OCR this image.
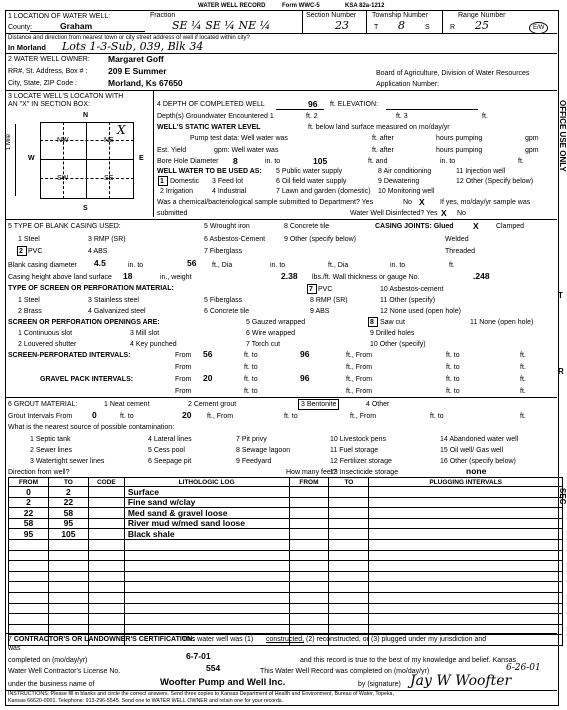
WATER WELL RECORD	Form WWC-5	KSA 82a-1212
1 LOCATION OF WATER WELL:
County:	Graham
Fraction
SE ¼ SE ¼ NE ¼
Section Number
23
Township Number
T 8	S
Range Number
R 25	E/W
Distance and direction from nearest town or city street address of well if located within city?
In Morland Lots 1-3-Sub, 039, Blk 34
2 WATER WELL OWNER: Margaret Goff
RR#, St. Address, Box # : 209 E Summer
City, State, ZIP Code :	Morland, Ks 67650
Board of Agriculture, Division of Water Resources
Application Number:
3 LOCATE WELL'S LOCATON WITH
AN "X" IN SECTION BOX:
N
S
W	E
NW	NE
SW	SE
X
1 Mile
4 DEPTH OF COMPLETED WELL	96 ft. ELEVATION:
Depth(s) Groundwater Encountered 1	ft. 2	ft. 3	ft.
WELL'S STATIC WATER LEVEL	ft. below land surface measured on mo/day/yr
Pump test data: Well water was	ft. after	hours pumping	gpm
Est. Yield	gpm: Well water was	ft. after	hours pumping	gpm
Bore Hole Diameter 8	in. to	105	ft. and	in. to	ft.
WELL WATER TO BE USED AS: 5 Public water supply	8 Air conditioning	11 Injection well
1 Domestic 3 Feed lot	6 Oil field water supply	9 Dewatering	12 Other (Specify below)
2 Irrigation	4 Industrial	7 Lawn and garden (domestic) 10 Monitoring well
Was a chemical/bacteriological sample submitted to Department? Yes	No X If yes, mo/day/yr sample was
submitted	Water Well Disinfected? Yes X No
5 TYPE OF BLANK CASING USED:	5 Wrought iron	8 Concrete tile	CASING JOINTS: Glued X Clamped
1 Steel	3 RMP (SR)	6 Asbestos-Cement	9 Other (specify below)	Welded
2 PVC	4 ABS	7 Fiberglass	Threaded
Blank casing diameter 4.5	in. to	56 ft., Dia	in. to	ft., Dia	in. to	ft.
Casing height above land surface 18	in., weight	2.38 lbs./ft. Wall thickness or gauge No.	.248
TYPE OF SCREEN OR PERFORATION MATERIAL:	7 PVC	10 Asbestos-cement
1 Steel	3 Stainless steel	5 Fiberglass	8 RMP (SR)	11 Other (specify)
2 Brass	4 Galvanized steel	6 Concrete tile	9 ABS	12 None used (open hole)
SCREEN OR PERFORATION OPENINGS ARE:	5 Gauzed wrapped	8 Saw cut	11 None (open hole)
1 Continuous slot	3 Mill slot	6 Wire wrapped	9 Drilled holes
2 Louvered shutter	4 Key punched	7 Torch cut	10 Other (specify)
SCREEN-PERFORATED INTERVALS:	From 56	ft. to	96	ft., From	ft. to	ft.
From	ft. to	ft., From	ft. to	ft.
GRAVEL PACK INTERVALS:	From 20	ft. to	96	ft., From	ft. to	ft.
From	ft. to	ft., From	ft. to	ft.
6 GROUT MATERIAL:	1 Neat cement	2 Cement grout	3 Bentonite	4 Other
Grout Intervals From 0	ft. to	20 ft., From	ft. to	ft., From	ft. to	ft.
What is the nearest source of possible contamination:
1 Septic tank	4 Lateral lines	7 Pit privy	10 Livestock pens	14 Abandoned water well
2 Sewer lines	5 Cess pool	8 Sewage lagoon	11 Fuel storage	15 Oil well/ Gas well
3 Watertight sewer lines	6 Seepage pit	9 Feedyard	12 Fertilizer storage	16 Other (specify below)
13 Insecticide storage	none
Direction from well?	How many feet?
FROM	TO	CODE	LITHOLOGIC LOG	FROM	TO	PLUGGING INTERVALS
0	2		Surface			
2	22		Fine sand w/clay			
22	58		Med sand & gravel loose			
58	95		River mud w/med sand loose			
95	105		Black shale			

7 CONTRACTOR'S OR LANDOWNER'S CERTIFICATION:
This water well was (1) constructed, (2) reconstructed, or (3) plugged under my jurisdiction and
was
completed on (mo/day/yr)	6-7-01	and this record is true to the best of my knowledge and belief. Kansas
Water Well Contractor's License No.	554	This Water Well Record was completed on (mo/day/yr)	6-26-01
under the business name of	Woofter Pump and Well Inc.	by (signature) Jay W Woofter
INSTRUCTIONS: Please fill in blanks and circle the correct answers. Send three copies to Kansas Department of Health and Environment, Bureau of Water, Topeka,
Kansas 66620-0001. Telephone: 913-296-5545. Send one to WATER WELL OWNER and retain one for your records.
OFFICE USE ONLY
T
R
SEC
